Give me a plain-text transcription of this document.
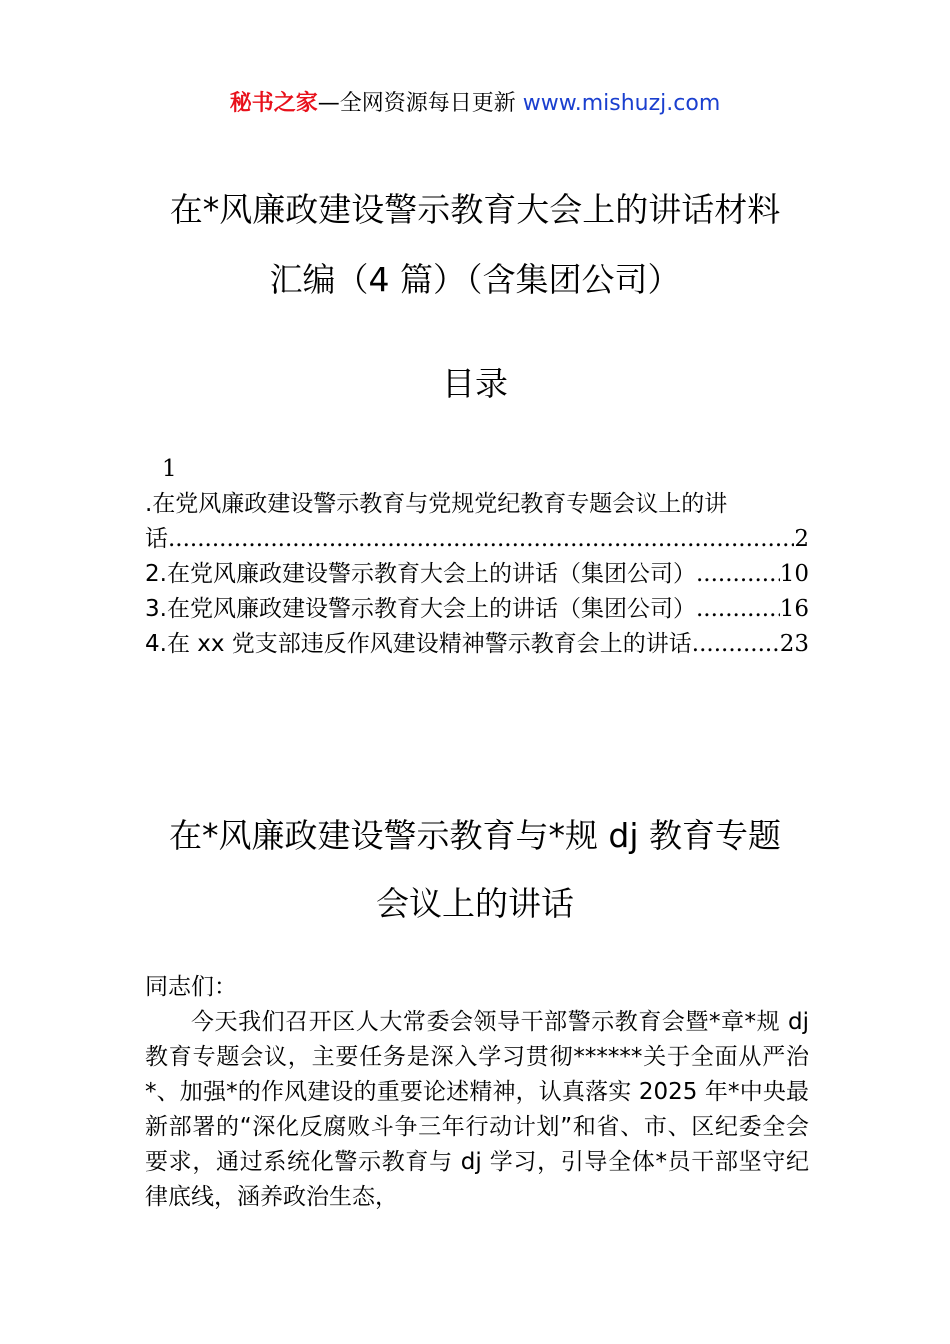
秘书之家—全网资源每日更新 www.mishuzj.com
在*风廉政建设警示教育大会上的讲话材料
汇编（4 篇）（含集团公司）
目录
1
.在党风廉政建设警示教育与党规党纪教育专题会议上的讲
话 .....	2
2.在党风廉政建设警示教育大会上的讲话（集团公司） .....	10
3.在党风廉政建设警示教育大会上的讲话（集团公司） .....	16
4.在 xx 党支部违反作风建设精神警示教育会上的讲话 .....	23
在*风廉政建设警示教育与*规 dj 教育专题
会议上的讲话

同志们：

今天我们召开区人大常委会领导干部警示教育会暨*章*规 dj 教育专题会议，主要任务是深入学习贯彻******关于全面从严治*、加强*的作风建设的重要论述精神，认真落实 2025 年*中央最新部署的“深化反腐败斗争三年行动计划”和省、市、区纪委全会要求，通过系统化警示教育与 dj 学习，引导全体*员干部坚守纪律底线，涵养政治生态，
